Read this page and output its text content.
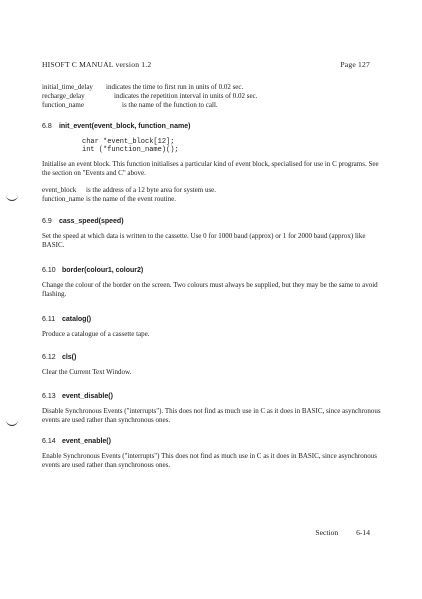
HISOFT C MANUAL version 1.2	Page 127
initial_time_delay	indicates the time to first run in units of 0.02 sec.
recharge_delay	indicates the repetition interval in units of 0.02 sec.
function_name	is the name of the function to call.
6.8 init_event(event_block, function_name)
char *event_block[12];
int (*function_name)();
Initialise an event block. This function initialises a particular kind of event block, specialised for use in C programs. See the section on "Events and C" above.
event_block	is the address of a 12 byte area for system use.
function_name is the name of the event routine.
6.9 cass_speed(speed)
Set the speed at which data is written to the cassette. Use 0 for 1000 baud (approx) or 1 for 2000 baud (approx) like BASIC.
6.10 border(colour1, colour2)
Change the colour of the border on the screen. Two colours must always be supplied, but they may be the same to avoid flashing.
6.11 catalog()
Produce a catalogue of a cassette tape.
6.12 cls()
Clear the Current Text Window.
6.13 event_disable()
Disable Synchronous Events ("interrupts"). This does not find as much use in C as it does in BASIC, since asynchronous events are used rather than synchronous ones.
6.14 event_enable()
Enable Synchronous Events ("interrupts") This does not find as much use in C as it does in BASIC, since asynchronous events are used rather than synchronous ones.
Section 6-14
